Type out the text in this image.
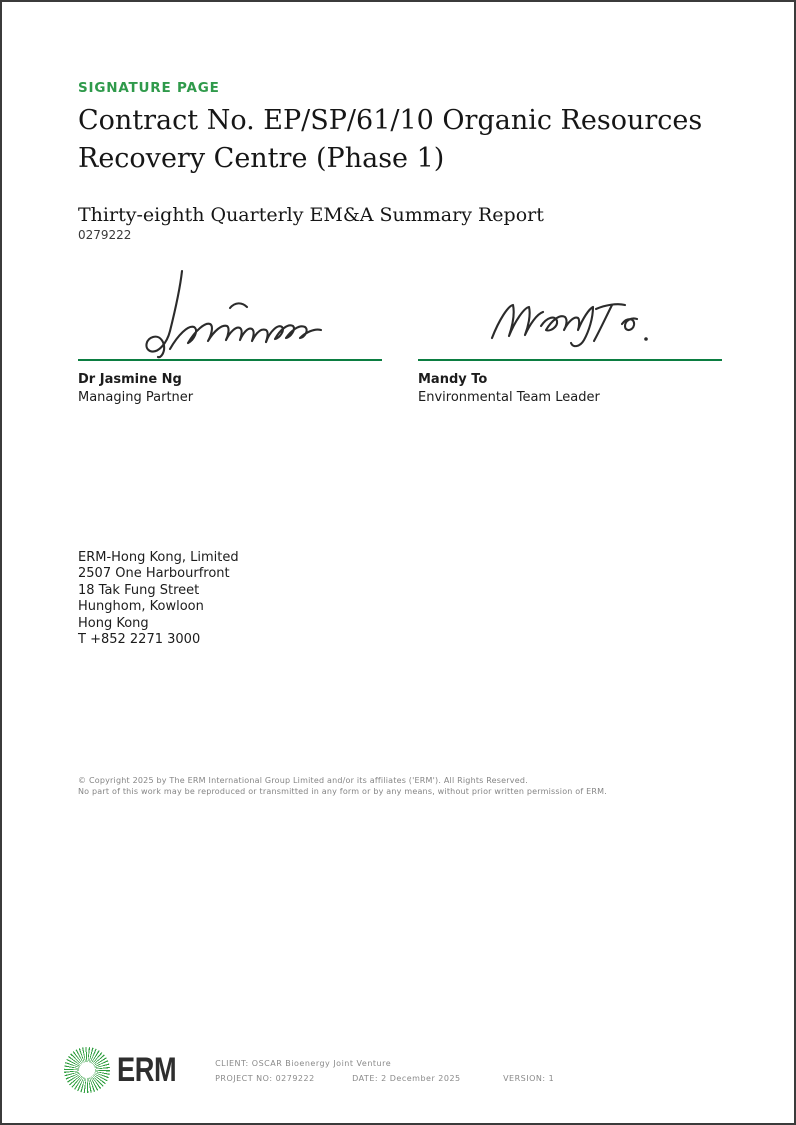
SIGNATURE PAGE
Contract No. EP/SP/61/10 Organic Resources Recovery Centre (Phase 1)
Thirty-eighth Quarterly EM&A Summary Report
0279222
Dr Jasmine Ng
Managing Partner
Mandy To
Environmental Team Leader
ERM-Hong Kong, Limited
2507 One Harbourfront
18 Tak Fung Street
Hunghom, Kowloon
Hong Kong
T +852 2271 3000
© Copyright 2025 by The ERM International Group Limited and/or its affiliates ('ERM'). All Rights Reserved.
No part of this work may be reproduced or transmitted in any form or by any means, without prior written permission of ERM.
ERM	CLIENT: OSCAR Bioenergy Joint Venture
PROJECT NO: 0279222	DATE: 2 December 2025	VERSION: 1
